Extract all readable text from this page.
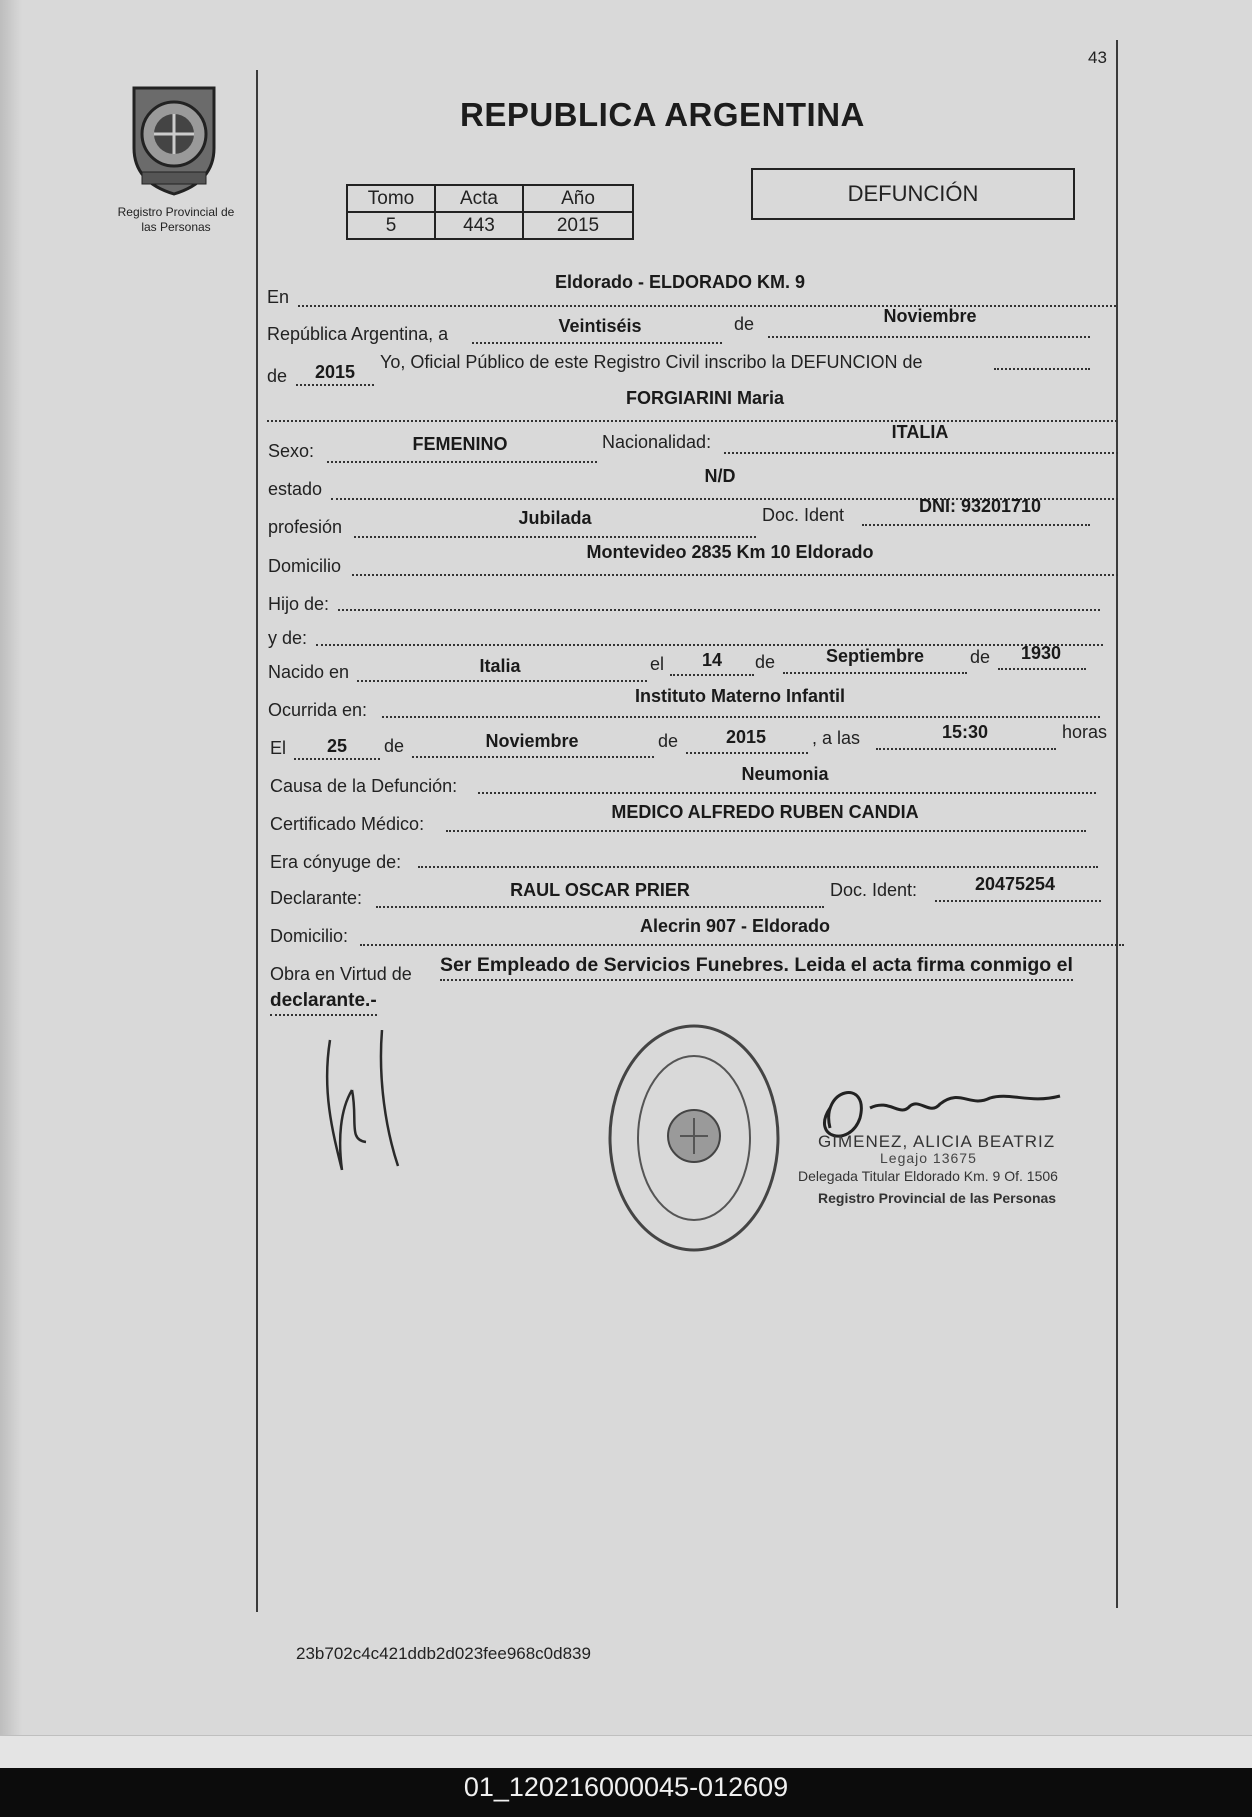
43
Registro Provincial de
las Personas
REPUBLICA ARGENTINA
Tomo	Acta	Año
5	443	2015
DEFUNCIÓN
En
Eldorado - ELDORADO KM. 9
República Argentina, a	Veintiséis	de	Noviembre
de	2015	Yo, Oficial Público de este Registro Civil inscribo la DEFUNCION de
FORGIARINI Maria
Sexo:	FEMENINO	Nacionalidad:	ITALIA
estado
N/D
profesión	Jubilada	Doc. Ident	DNI: 93201710
Domicilio
Montevideo 2835 Km 10 Eldorado
Hijo de:
y de:
Nacido en	Italia	el	14	de	Septiembre	de	1930
Ocurrida en:
Instituto Materno Infantil
El	25	de	Noviembre	de	2015	, a las	15:30	horas
Causa de la Defunción:
Neumonia
Certificado Médico:
MEDICO ALFREDO RUBEN CANDIA
Era cónyuge de:
Declarante:	RAUL OSCAR PRIER	Doc. Ident:	20475254
Domicilio:	Alecrin 907 - Eldorado
Obra en Virtud de Ser Empleado de Servicios Funebres. Leida el acta firma conmigo el
declarante.-
GIMENEZ, ALICIA BEATRIZ
Legajo 13675
Delegada Titular Eldorado Km. 9 Of. 1506
Registro Provincial de las Personas
23b702c4c421ddb2d023fee968c0d839
01_120216000045-012609
